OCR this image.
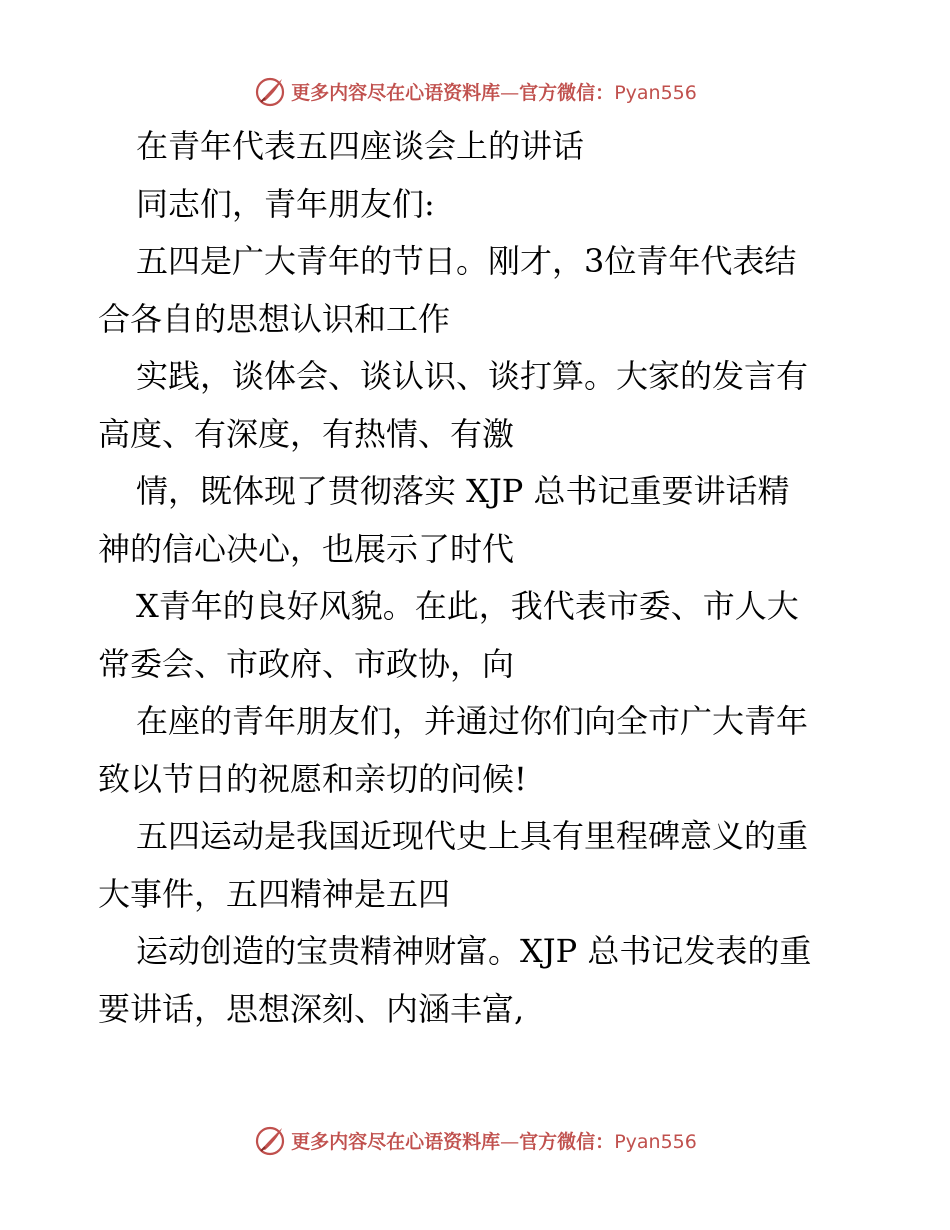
更多内容尽在心语资料库—官方微信：Pyan556

在青年代表五四座谈会上的讲话

同志们，青年朋友们:

五四是广大青年的节日。刚才，3位青年代表结
合各自的思想认识和工作

实践，谈体会、谈认识、谈打算。大家的发言有
高度、有深度，有热情、有激

情，既体现了贯彻落实 XJP 总书记重要讲话精
神的信心决心，也展示了时代

X青年的良好风貌。在此，我代表市委、市人大
常委会、市政府、市政协，向

在座的青年朋友们，并通过你们向全市广大青年
致以节日的祝愿和亲切的问候!

五四运动是我国近现代史上具有里程碑意义的重
大事件，五四精神是五四

运动创造的宝贵精神财富。XJP 总书记发表的重
要讲话，思想深刻、内涵丰富,

更多内容尽在心语资料库—官方微信：Pyan556
